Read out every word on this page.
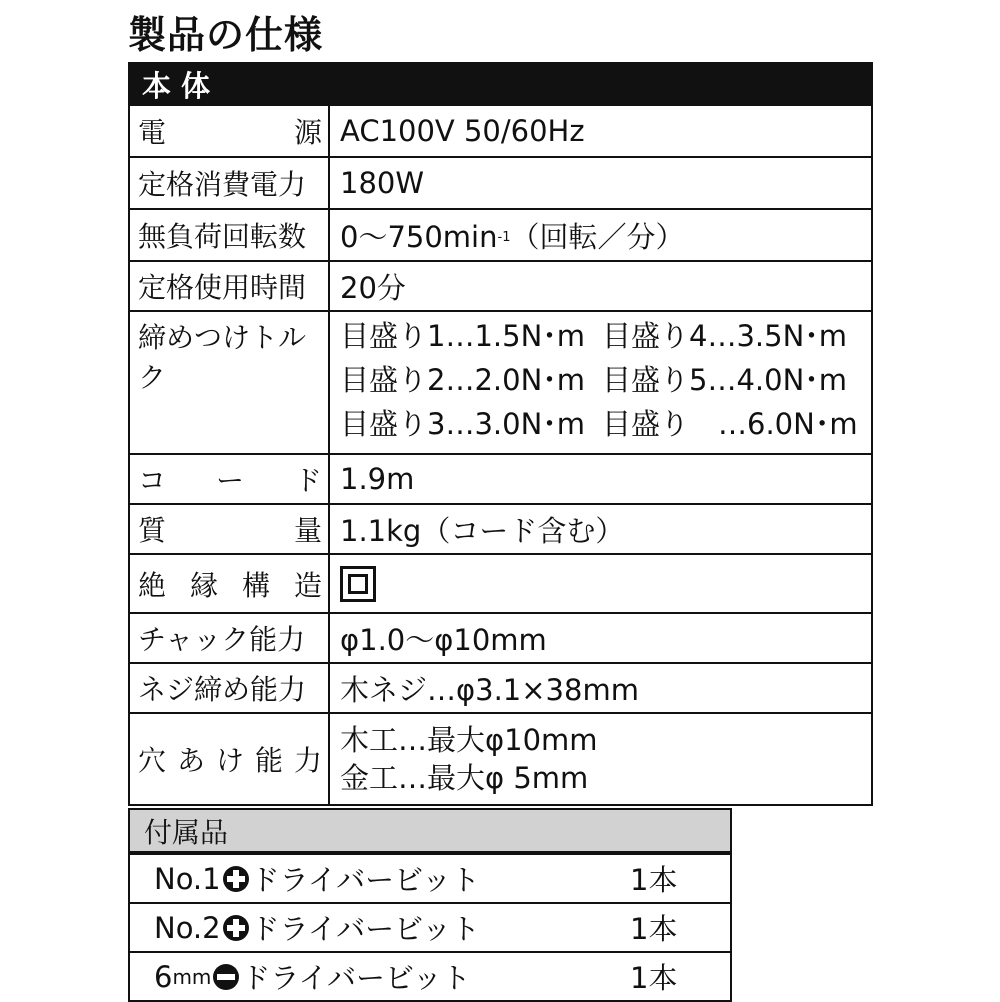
製品の仕様
本体
電	源 AC100V 50/60Hz
定格消費電力	180W
無負荷回転数	0〜$750\min^{-1}$ （回転／分）
定格使用時間	20分
締めつけトルク
目盛り1…1.5N･m 目盛り4…3.5N･m
目盛り2…2.0N･m 目盛り5…4.0N･m
目盛り3…3.0N･m 目盛り　…6.0N･m
コ ー ド 1.9m
質	量 1.1kg（コード含む）
絶 縁 構 造
チャック能力	φ1.0〜φ10mm
ネジ締め能力	木ネジ…φ3.1×38mm
穴 あ け 能 力
木工…最大φ10mm
金工…最大φ 5mm
付属品
No.1 ドライバービット	1本
No.2 ドライバービット	1本
6 mm ドライバービット	1本
